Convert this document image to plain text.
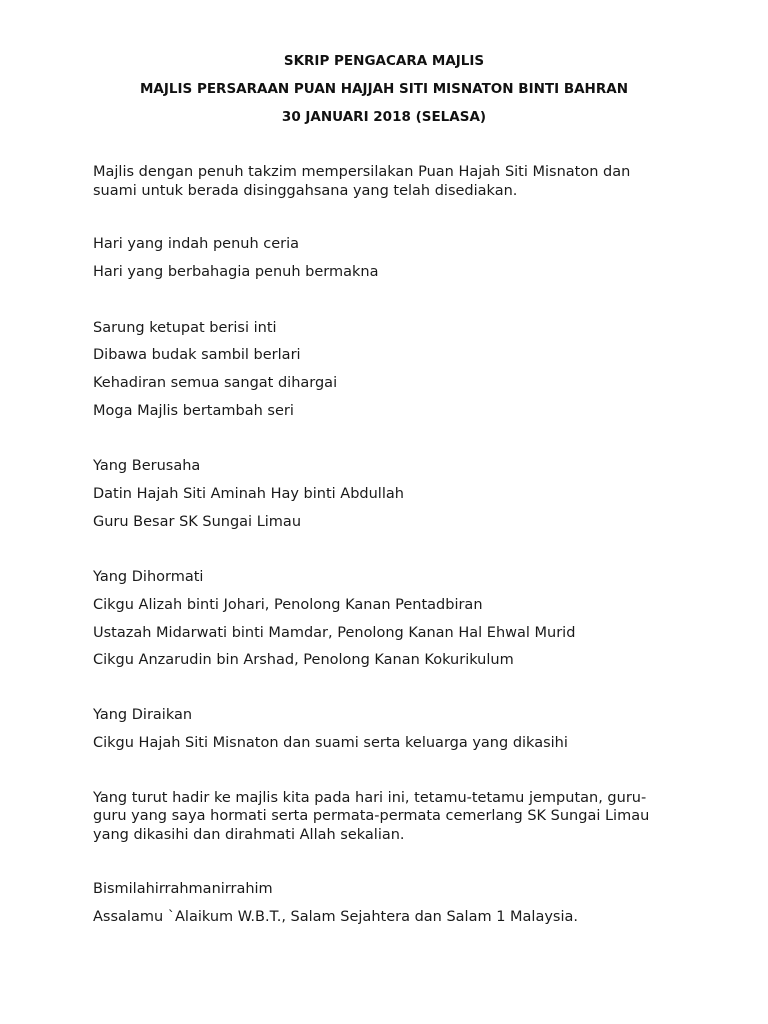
SKRIP PENGACARA MAJLIS

MAJLIS PERSARAAN PUAN HAJJAH SITI MISNATON BINTI BAHRAN

30 JANUARI 2018 (SELASA)

Majlis dengan penuh takzim mempersilakan Puan Hajah Siti Misnaton dan

suami untuk berada disinggahsana yang telah disediakan.

Hari yang indah penuh ceria

Hari yang berbahagia penuh bermakna

Sarung ketupat berisi inti

Dibawa budak sambil berlari

Kehadiran semua sangat dihargai

Moga Majlis bertambah seri

Yang Berusaha

Datin Hajah Siti Aminah Hay binti Abdullah

Guru Besar SK Sungai Limau

Yang Dihormati

Cikgu Alizah binti Johari, Penolong Kanan Pentadbiran

Ustazah Midarwati binti Mamdar, Penolong Kanan Hal Ehwal Murid

Cikgu Anzarudin bin Arshad, Penolong Kanan Kokurikulum

Yang Diraikan

Cikgu Hajah Siti Misnaton dan suami serta keluarga yang dikasihi

Yang turut hadir ke majlis kita pada hari ini, tetamu-tetamu jemputan, guru-

guru yang saya hormati serta permata-permata cemerlang SK Sungai Limau

yang dikasihi dan dirahmati Allah sekalian.

Bismilahirrahmanirrahim

Assalamu `Alaikum W.B.T., Salam Sejahtera dan Salam 1 Malaysia.
